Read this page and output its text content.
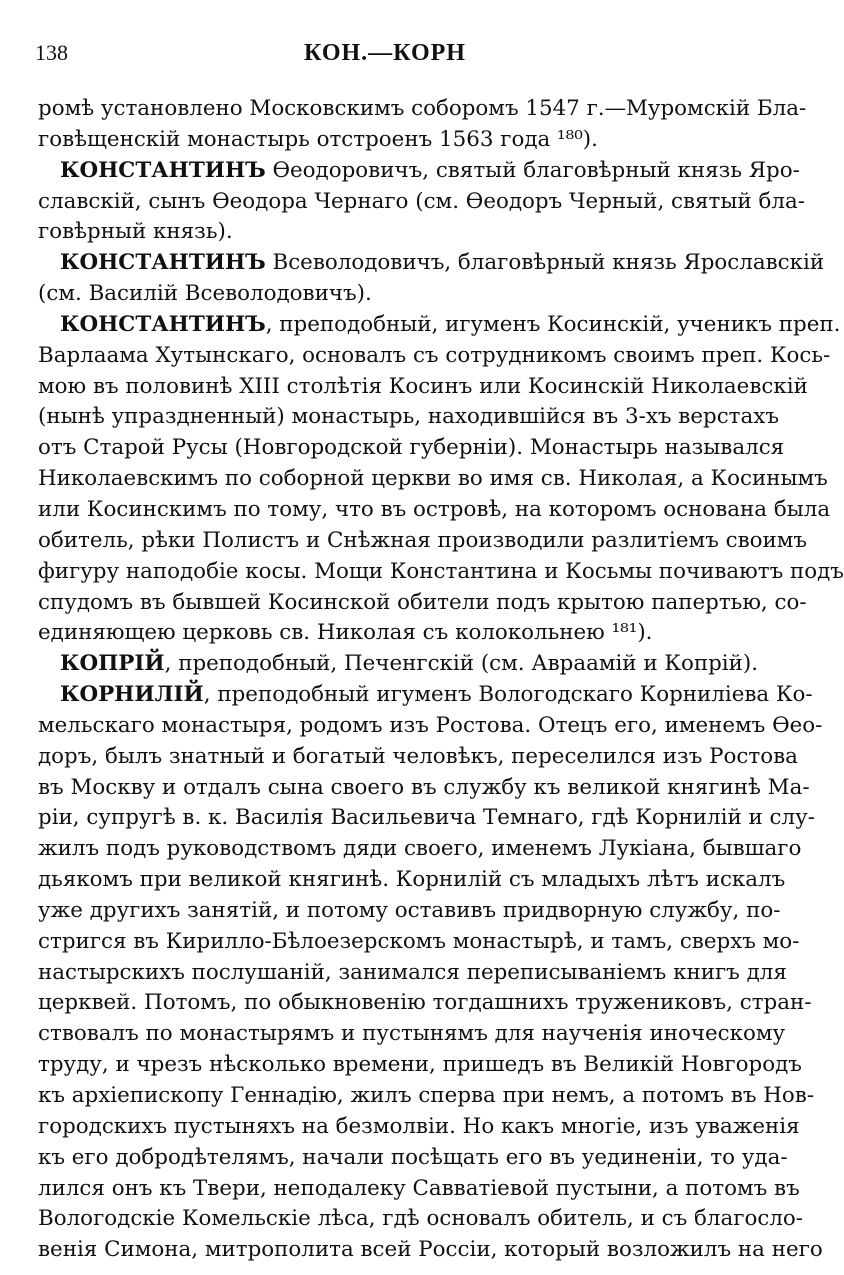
138	КОН.—КОРН
ромѣ установлено Московскимъ соборомъ 1547 г.—Муромскій Бла-
говѣщенскій монастырь отстроенъ 1563 года ¹⁸⁰).
КОНСТАНТИНЪ Ѳеодоровичъ, святый благовѣрный князь Яро-
славскій, сынъ Ѳеодора Чернаго (см. Ѳеодоръ Черный, святый бла-
говѣрный князь).
КОНСТАНТИНЪ Всеволодовичъ, благовѣрный князь Ярославскій
(см. Василій Всеволодовичъ).
КОНСТАНТИНЪ, преподобный, игуменъ Косинскій, ученикъ преп.
Варлаама Хутынскаго, основалъ съ сотрудникомъ своимъ преп. Кось-
мою въ половинѣ XIII столѣтія Косинъ или Косинскій Николаевскій
(нынѣ упраздненный) монастырь, находившійся въ 3-хъ верстахъ
отъ Старой Русы (Новгородской губерніи). Монастырь назывался
Николаевскимъ по соборной церкви во имя св. Николая, а Косинымъ
или Косинскимъ по тому, что въ островѣ, на которомъ основана была
обитель, рѣки Полистъ и Снѣжная производили разлитіемъ своимъ
фигуру наподобіе косы. Мощи Константина и Косьмы почиваютъ подъ
спудомъ въ бывшей Косинской обители подъ крытою папертью, со-
единяющею церковь св. Николая съ колокольнею ¹⁸¹).
КОПРІЙ, преподобный, Печенгскій (см. Авраамій и Копрій).
КОРНИЛІЙ, преподобный игуменъ Вологодскаго Корниліева Ко-
мельскаго монастыря, родомъ изъ Ростова. Отецъ его, именемъ Ѳео-
доръ, былъ знатный и богатый человѣкъ, переселился изъ Ростова
въ Москву и отдалъ сына своего въ службу къ великой княгинѣ Ма-
ріи, супругѣ в. к. Василія Васильевича Темнаго, гдѣ Корнилій и слу-
жилъ подъ руководствомъ дяди своего, именемъ Лукіана, бывшаго
дьякомъ при великой княгинѣ. Корнилій съ младыхъ лѣтъ искалъ
уже другихъ занятій, и потому оставивъ придворную службу, по-
стригся въ Кирилло-Бѣлоезерскомъ монастырѣ, и тамъ, сверхъ мо-
настырскихъ послушаній, занимался переписываніемъ книгъ для
церквей. Потомъ, по обыкновенію тогдашнихъ тружениковъ, стран-
ствовалъ по монастырямъ и пустынямъ для наученія иноческому
труду, и чрезъ нѣсколько времени, пришедъ въ Великій Новгородъ
къ архіепископу Геннадію, жилъ сперва при немъ, а потомъ въ Нов-
городскихъ пустыняхъ на безмолвіи. Но какъ многіе, изъ уваженія
къ его добродѣтелямъ, начали посѣщать его въ уединеніи, то уда-
лился онъ къ Твери, неподалеку Савватіевой пустыни, а потомъ въ
Вологодскіе Комельскіе лѣса, гдѣ основалъ обитель, и съ благосло-
венія Симона, митрополита всей Россіи, который возложилъ на него
